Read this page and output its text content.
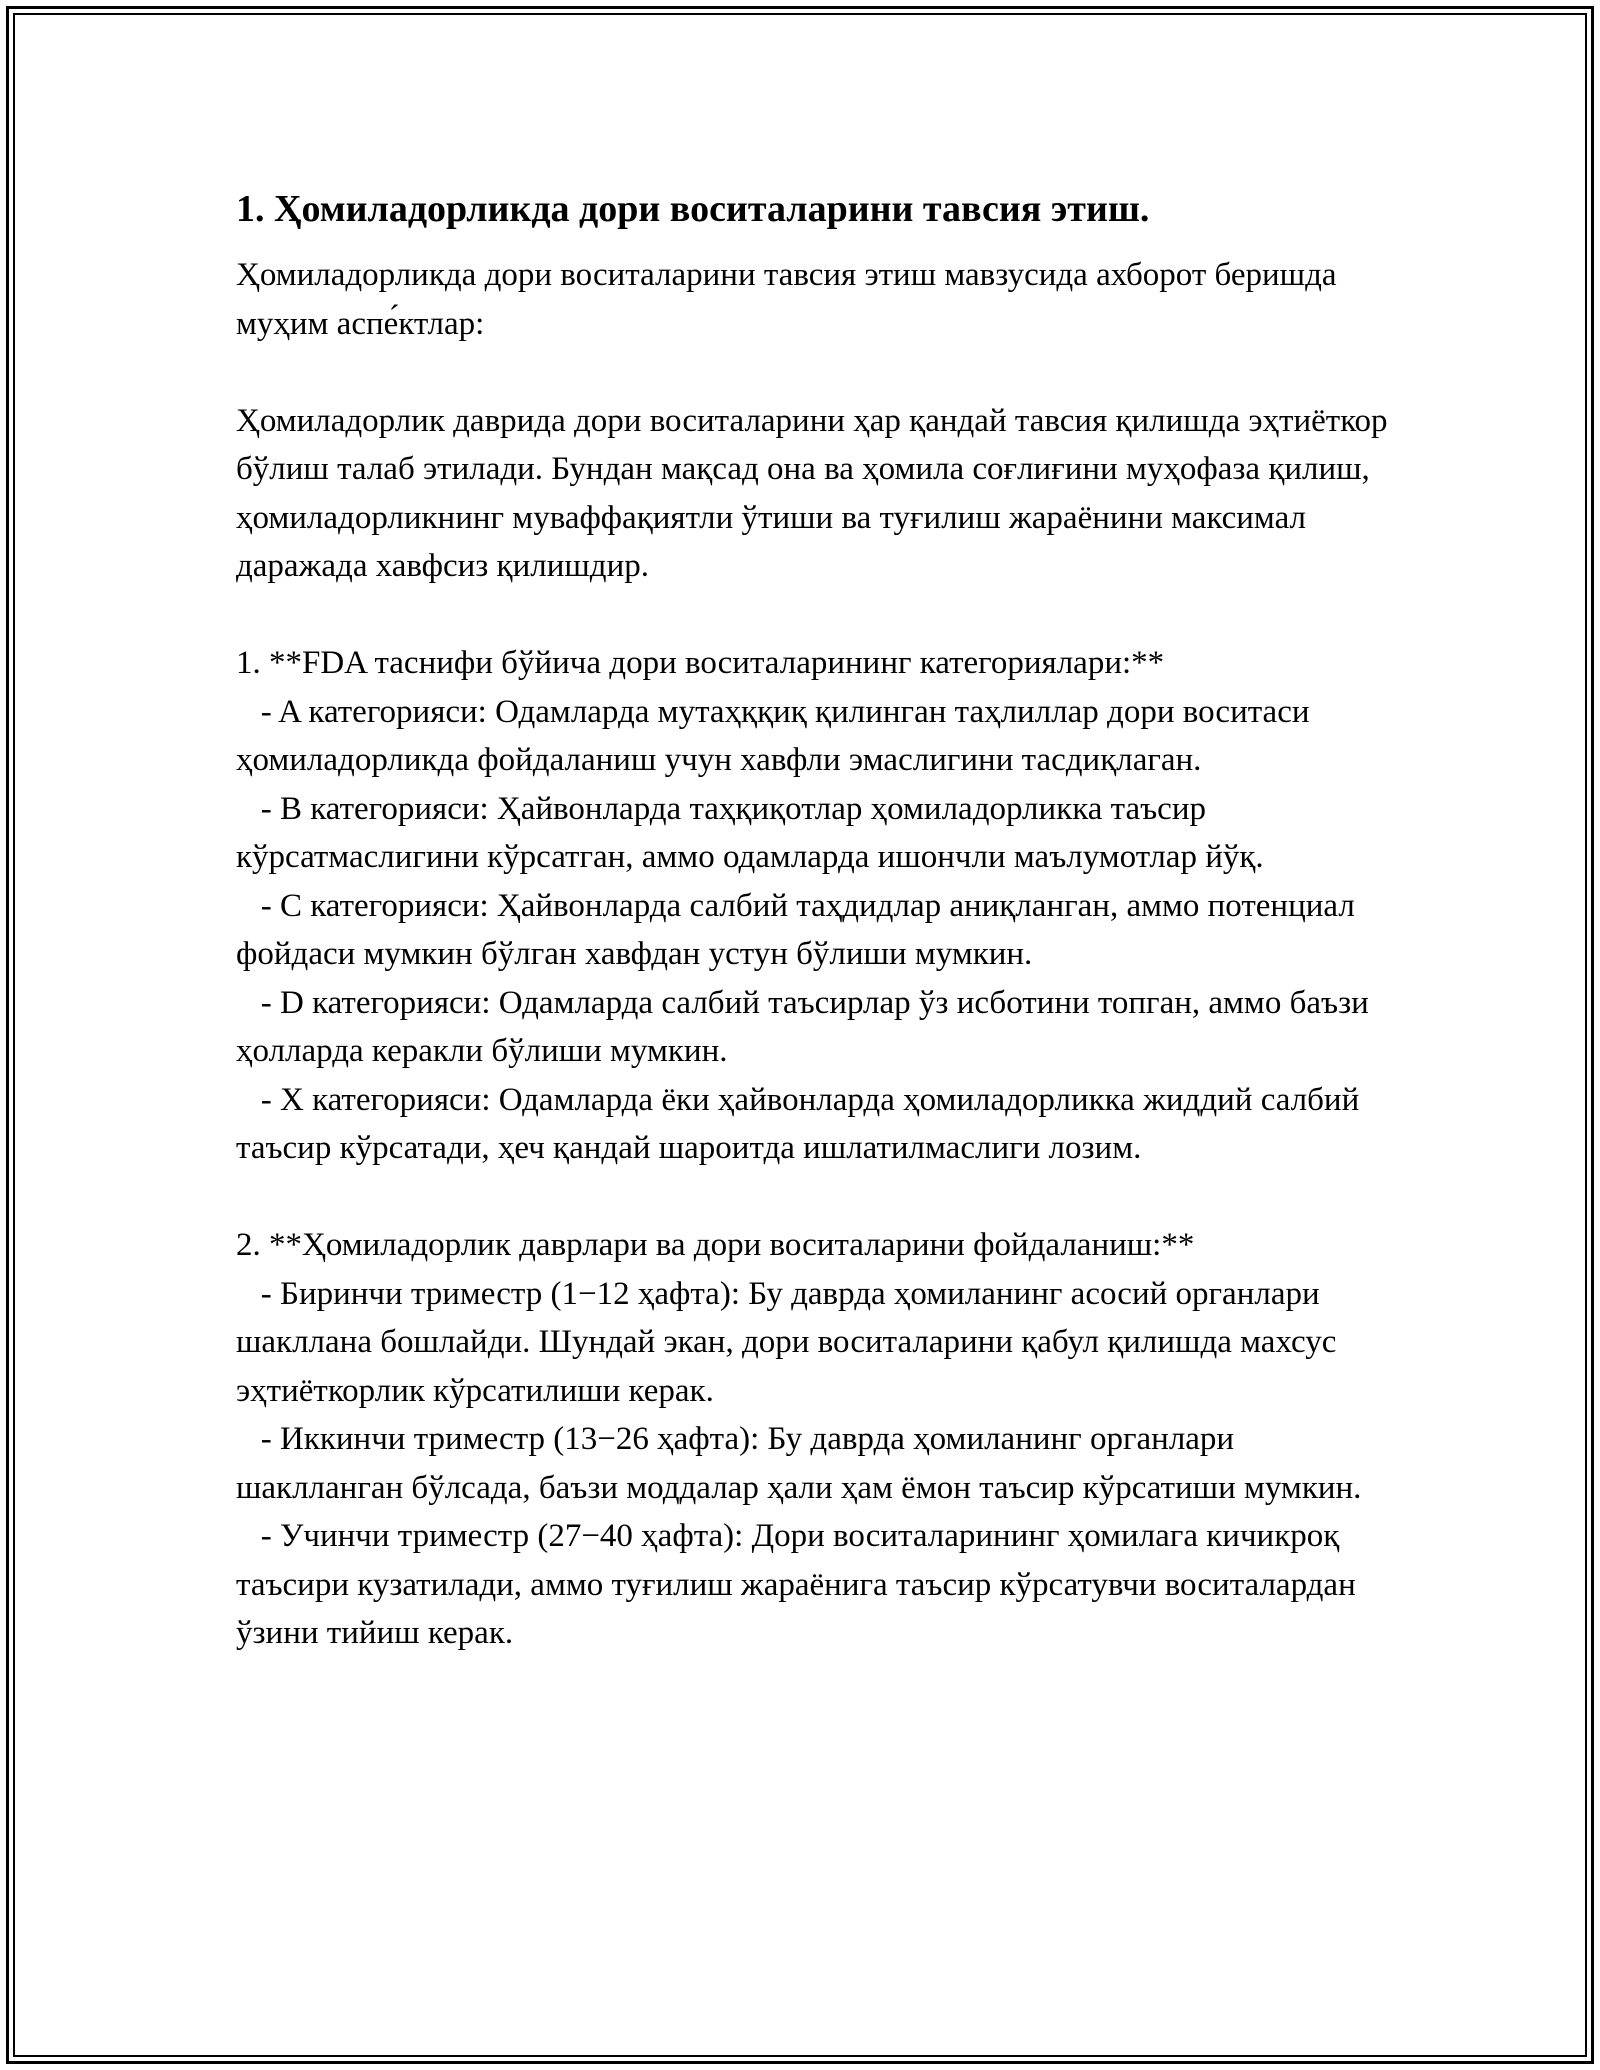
1. Ҳомиладорликда дори воситаларини тавсия этиш.

Ҳомиладорликда дори воситаларини тавсия этиш мавзусида ахборот беришда муҳим аспе́ктлар:

Ҳомиладорлик даврида дори воситаларини ҳар қандай тавсия қилишда эҳтиёткор бўлиш талаб этилади. Бундан мақсад она ва ҳомила соғлиғини муҳофаза қилиш, ҳомиладорликнинг муваффақиятли ўтиши ва туғилиш жараёнини максимал даражада хавфсиз қилишдир.

1. **FDA таснифи бўйича дори воситаларининг категориялари:**

- A категорияси: Одамларда мутаҳққиқ қилинган таҳлиллар дори воситаси ҳомиладорликда фойдаланиш учун хавфли эмаслигини тасдиқлаган.

- B категорияси: Ҳайвонларда таҳқиқотлар ҳомиладорликка таъсир кўрсатмаслигини кўрсатган, аммо одамларда ишончли маълумотлар йўқ.

- C категорияси: Ҳайвонларда салбий таҳдидлар аниқланган, аммо потенциал фойдаси мумкин бўлган хавфдан устун бўлиши мумкин.

- D категорияси: Одамларда салбий таъсирлар ўз исботини топган, аммо баъзи ҳолларда керакли бўлиши мумкин.

- X категорияси: Одамларда ёки ҳайвонларда ҳомиладорликка жиддий салбий таъсир кўрсатади, ҳеч қандай шароитда ишлатилмаслиги лозим.

2. **Ҳомиладорлик даврлари ва дори воситаларини фойдаланиш:**

- Биринчи триместр (1−12 ҳафта): Бу даврда ҳомиланинг асосий органлари шакллана бошлайди. Шундай экан, дори воситаларини қабул қилишда махсус эҳтиёткорлик кўрсатилиши керак.

- Иккинчи триместр (13−26 ҳафта): Бу даврда ҳомиланинг органлари шаклланган бўлсада, баъзи моддалар ҳали ҳам ёмон таъсир кўрсатиши мумкин.

- Учинчи триместр (27−40 ҳафта): Дори воситаларининг ҳомилага кичикроқ таъсири кузатилади, аммо туғилиш жараёнига таъсир кўрсатувчи воситалардан ўзини тийиш керак.
